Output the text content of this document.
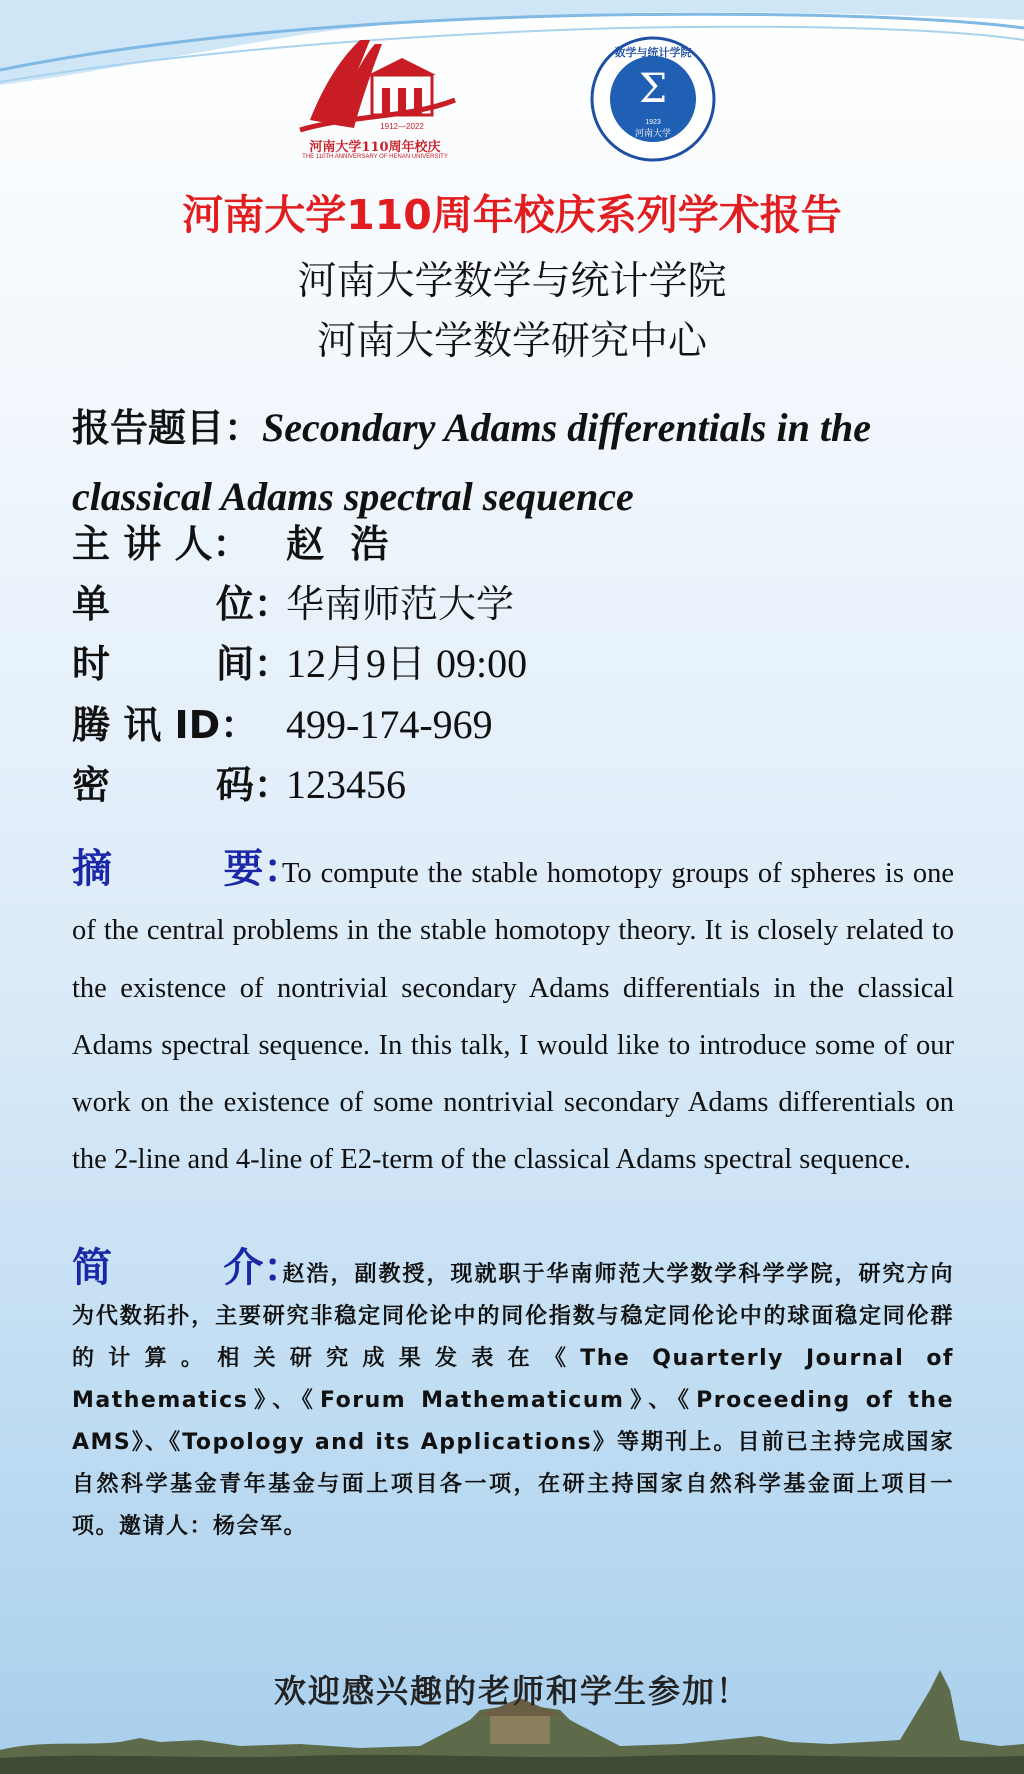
1912—2022
河南大学110周年校庆
THE 110TH ANNIVERSARY OF HENAN UNIVERSITY
数学与统计学院
Σ
1923
河南大学
河南大学110周年校庆系列学术报告
河南大学数学与统计学院
河南大学数学研究中心
报告题目：Secondary Adams differentials in the classical Adams spectral sequence
主 讲 人： 赵  浩
单        位：华南师范大学
时        间：12月9日 09:00
腾 讯 ID： 499-174-969
密        码：123456
摘        要：To compute the stable homotopy groups of spheres is one of the central problems in the stable homotopy theory. It is closely related to the existence of nontrivial secondary Adams differentials in the classical Adams spectral sequence. In this talk, I would like to introduce some of our work on the existence of some nontrivial secondary Adams differentials on the 2-line and 4-line of E2-term of the classical Adams spectral sequence.
简        介：赵浩，副教授，现就职于华南师范大学数学科学学院，研究方向为代数拓扑，主要研究非稳定同伦论中的同伦指数与稳定同伦论中的球面稳定同伦群的计算。相关研究成果发表在《The Quarterly Journal of Mathematics》、《Forum Mathematicum》、《Proceeding of the AMS》、《Topology and its Applications》等期刊上。目前已主持完成国家自然科学基金青年基金与面上项目各一项，在研主持国家自然科学基金面上项目一项。邀请人：杨会军。
欢迎感兴趣的老师和学生参加！
